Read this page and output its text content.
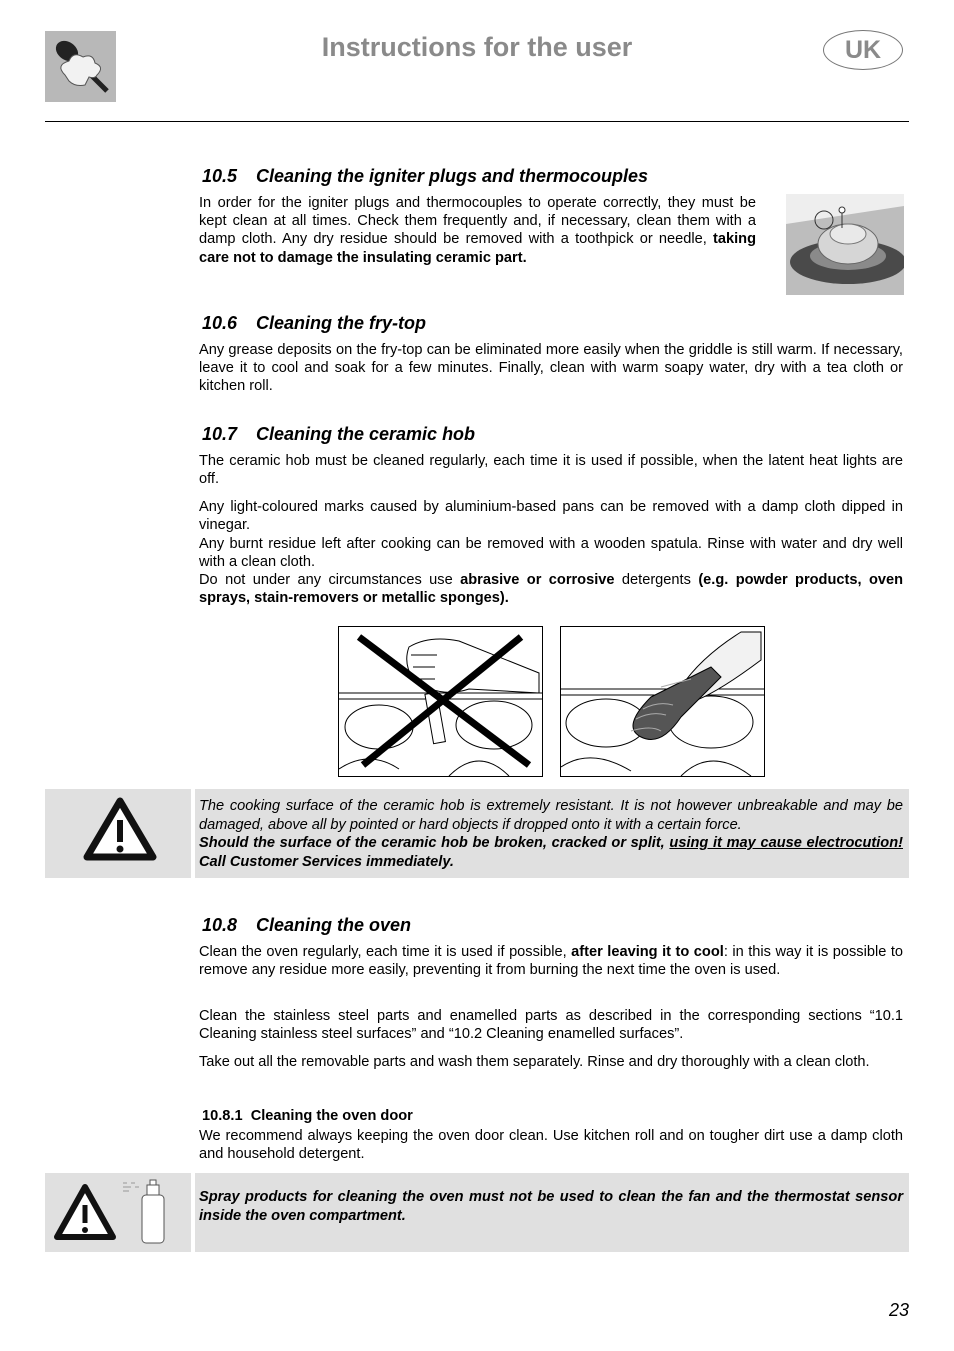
Instructions for the user	UK
10.5 Cleaning the igniter plugs and thermocouples
In order for the igniter plugs and thermocouples to operate correctly, they must be kept clean at all times. Check them frequently and, if necessary, clean them with a damp cloth. Any dry residue should be removed with a toothpick or needle, taking care not to damage the insulating ceramic part.
10.6 Cleaning the fry-top
Any grease deposits on the fry-top can be eliminated more easily when the griddle is still warm. If necessary, leave it to cool and soak for a few minutes. Finally, clean with warm soapy water, dry with a tea cloth or kitchen roll.
10.7 Cleaning the ceramic hob
The ceramic hob must be cleaned regularly, each time it is used if possible, when the latent heat lights are off.
Any light-coloured marks caused by aluminium-based pans can be removed with a damp cloth dipped in vinegar.
Any burnt residue left after cooking can be removed with a wooden spatula. Rinse with water and dry well with a clean cloth.
Do not under any circumstances use abrasive or corrosive detergents (e.g. powder products, oven sprays, stain-removers or metallic sponges).
The cooking surface of the ceramic hob is extremely resistant. It is not however unbreakable and may be damaged, above all by pointed or hard objects if dropped onto it with a certain force.
Should the surface of the ceramic hob be broken, cracked or split, using it may cause electrocution! Call Customer Services immediately.
10.8 Cleaning the oven
Clean the oven regularly, each time it is used if possible, after leaving it to cool: in this way it is possible to remove any residue more easily, preventing it from burning the next time the oven is used.
Clean the stainless steel parts and enamelled parts as described in the corresponding sections “10.1 Cleaning stainless steel surfaces” and “10.2 Cleaning enamelled surfaces”.
Take out all the removable parts and wash them separately. Rinse and dry thoroughly with a clean cloth.
10.8.1 Cleaning the oven door
We recommend always keeping the oven door clean. Use kitchen roll and on tougher dirt use a damp cloth and household detergent.
Spray products for cleaning the oven must not be used to clean the fan and the thermostat sensor inside the oven compartment.
23
